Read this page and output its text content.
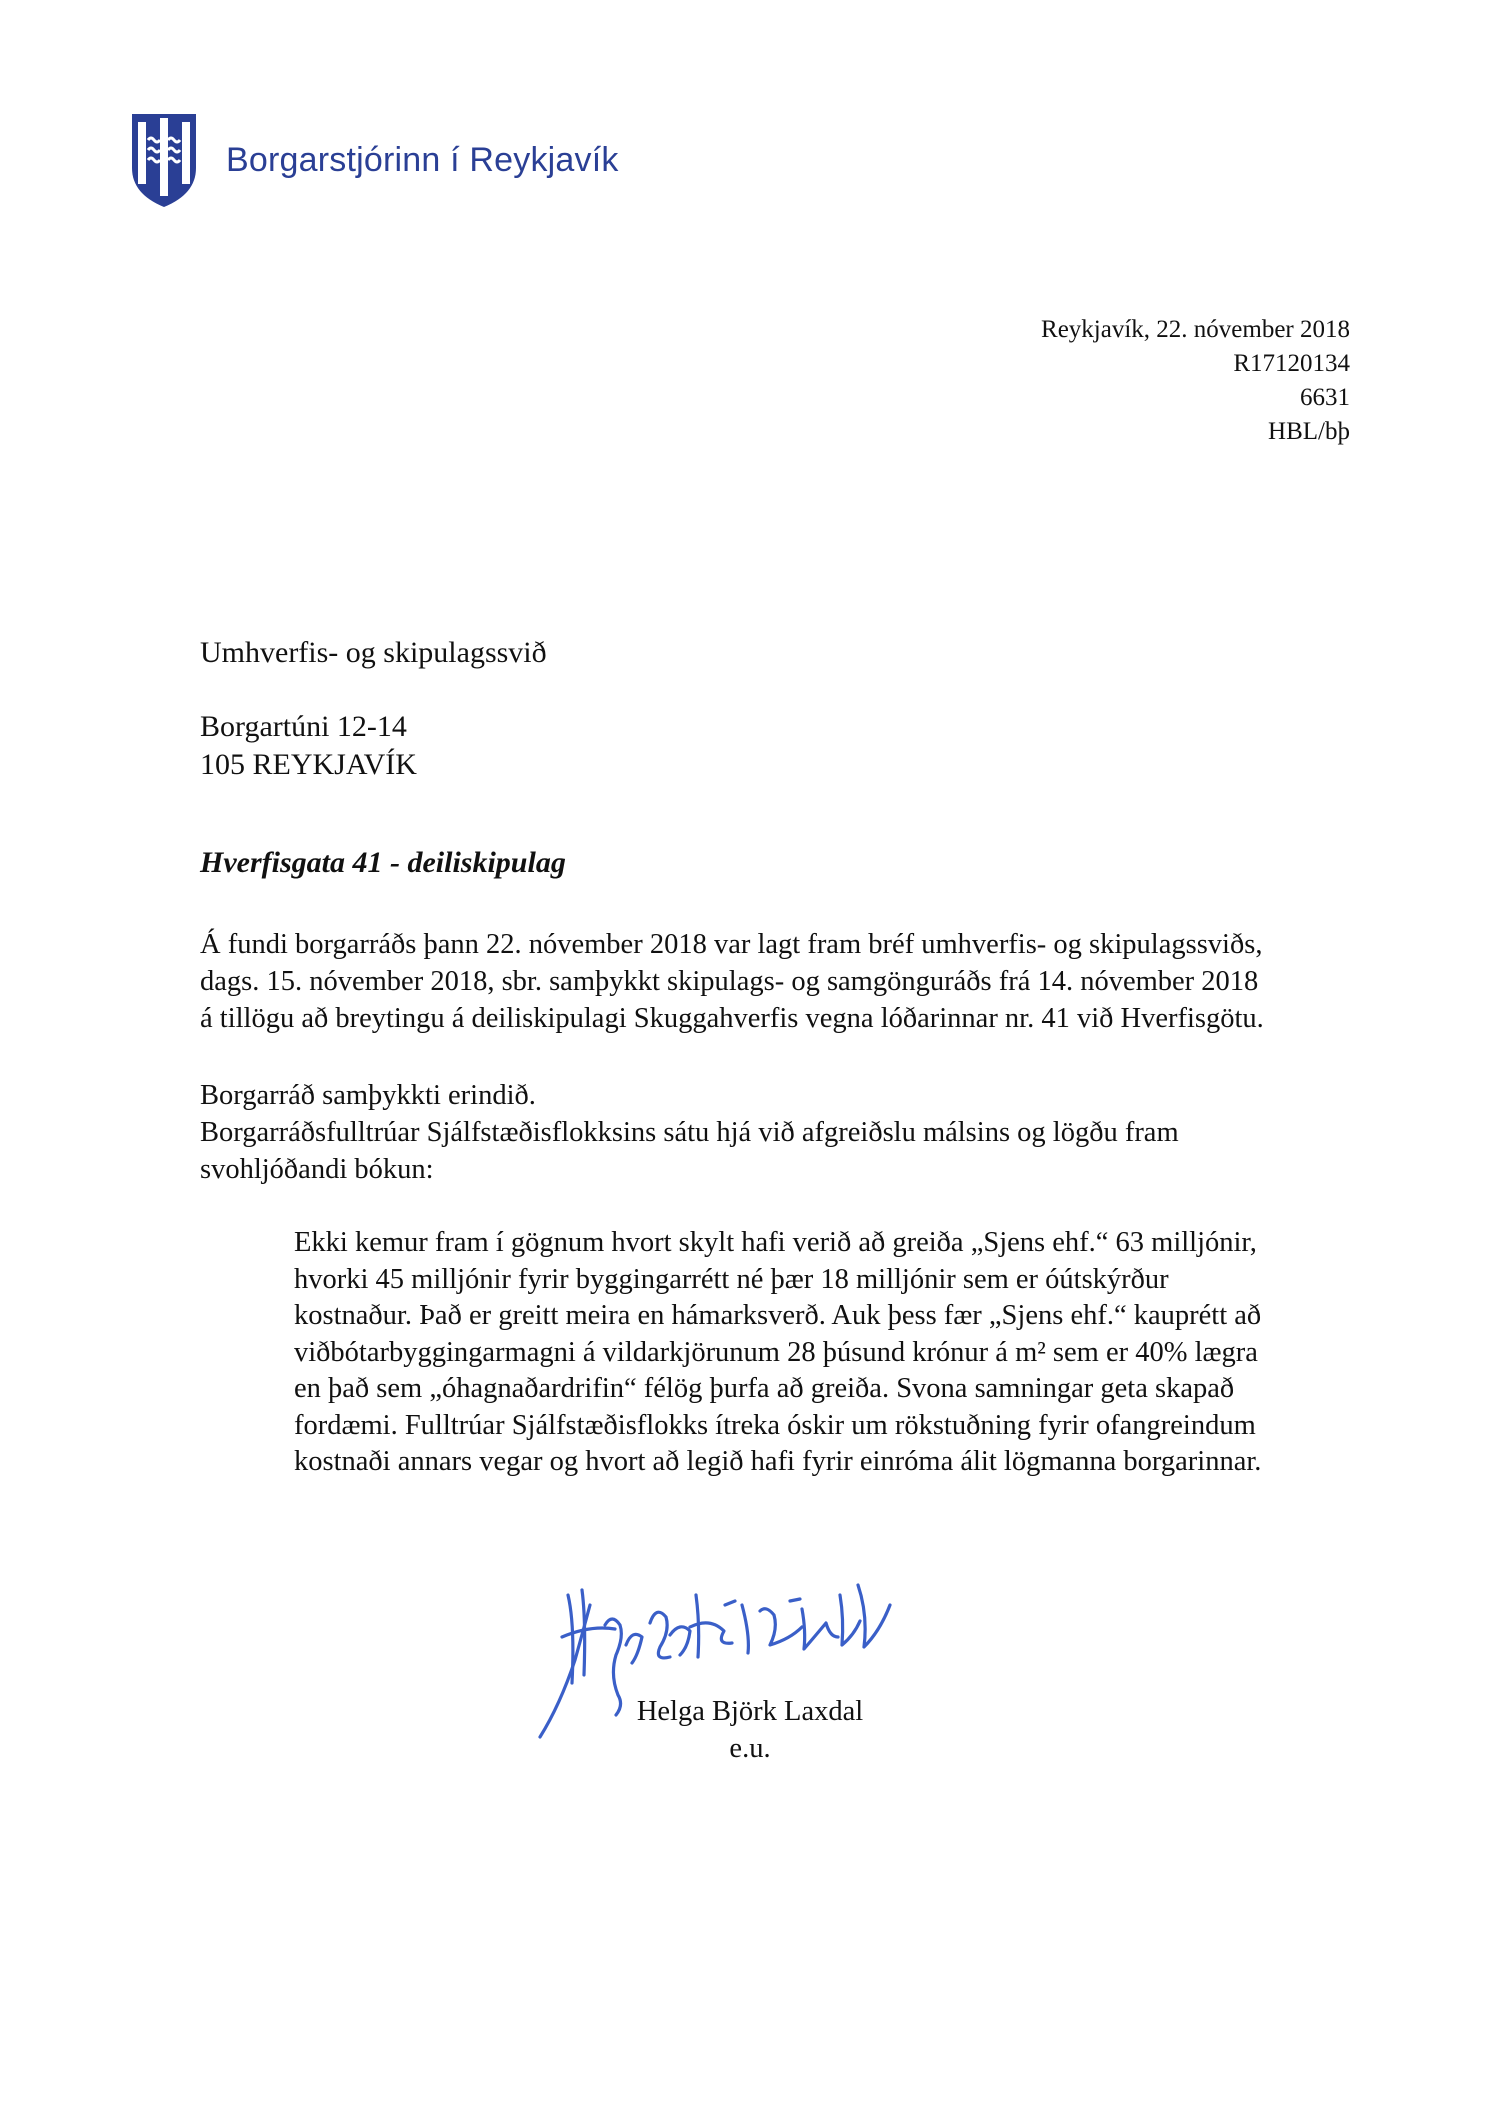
Borgarstjórinn í Reykjavík
Reykjavík, 22. nóvember 2018
R17120134
6631
HBL/bþ
Umhverfis- og skipulagssvið
Borgartúni 12-14
105 REYKJAVÍK
Hverfisgata 41 - deiliskipulag
Á fundi borgarráðs þann 22. nóvember 2018 var lagt fram bréf umhverfis- og skipulagssviðs,
dags. 15. nóvember 2018, sbr. samþykkt skipulags- og samgönguráðs frá 14. nóvember 2018
á tillögu að breytingu á deiliskipulagi Skuggahverfis vegna lóðarinnar nr. 41 við Hverfisgötu.
Borgarráð samþykkti erindið.
Borgarráðsfulltrúar Sjálfstæðisflokksins sátu hjá við afgreiðslu málsins og lögðu fram
svohljóðandi bókun:
Ekki kemur fram í gögnum hvort skylt hafi verið að greiða „Sjens ehf.“ 63 milljónir,
hvorki 45 milljónir fyrir byggingarrétt né þær 18 milljónir sem er óútskýrður
kostnaður. Það er greitt meira en hámarksverð. Auk þess fær „Sjens ehf.“ kauprétt að
viðbótarbyggingarmagni á vildarkjörunum 28 þúsund krónur á m² sem er 40% lægra
en það sem „óhagnaðardrifin“ félög þurfa að greiða. Svona samningar geta skapað
fordæmi. Fulltrúar Sjálfstæðisflokks ítreka óskir um rökstuðning fyrir ofangreindum
kostnaði annars vegar og hvort að legið hafi fyrir einróma álit lögmanna borgarinnar.
Helga Björk Laxdal
e.u.
